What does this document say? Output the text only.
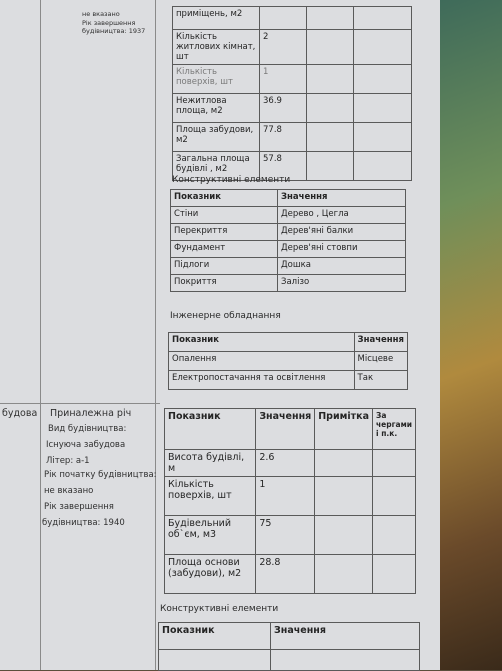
не вказано
Рік завершення
будівництва: 1937
приміщень, м2			
Кількість житлових кімнат, шт	2		
Кількість поверхів, шт	1		
Нежитлова площа, м2	36.9		
Площа забудови, м2	77.8		
Загальна площа будівлі , м2	57.8		
Конструктивні елементи
Показник	Значення
Стіни	Дерево , Цегла
Перекриття	Дерев'яні балки
Фундамент	Дерев'яні стовпи
Підлоги	Дошка
Покриття	Залізо
Інженерне обладнання
Показник	Значення
Опалення	Місцеве
Електропостачання та освітлення	Так
будова Приналежна річ
Вид будівництва:
Існуюча забудова
Літер: а-1
Рік початку будівництва:
не вказано
Рік завершення
будівництва: 1940
Показник	Значення	Примітка	За чергами і п.к.
Висота будівлі, м	2.6		
Кількість поверхів, шт	1		
Будівельний об`єм, м3	75		
Площа основи (забудови), м2	28.8		
Конструктивні елементи
Показник	Значення
